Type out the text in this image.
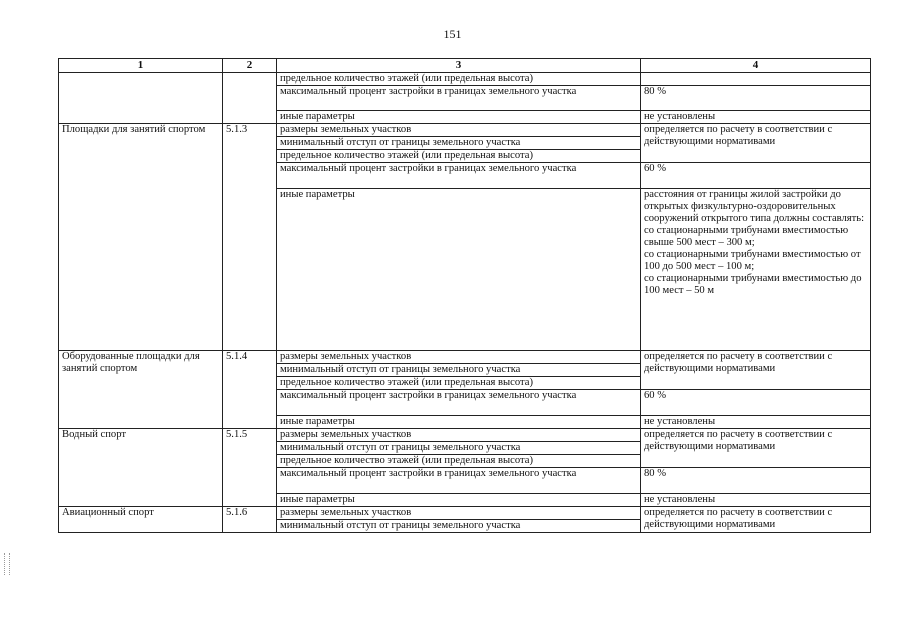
151
1	2	3	4
		предельное количество этажей (или предельная высота)	
		максимальный процент застройки в границах земельного участка	80 %
		иные параметры	не установлены
Площадки для занятий спортом	5.1.3	размеры земельных участков	определяется по расчету в соответствии с действующими нормативами
		минимальный отступ от границы земельного участка	
		предельное количество этажей (или предельная высота)	
		максимальный процент застройки в границах земельного участка	60 %
		иные параметры	расстояния от границы жилой застройки до открытых физкультурно-оздоровительных сооружений открытого типа должны составлять:
со стационарными трибунами вместимостью свыше 500 мест – 300 м;
со стационарными трибунами вместимостью от 100 до 500 мест – 100 м;
со стационарными трибунами вместимостью до 100 мест – 50 м
Оборудованные площадки для занятий спортом	5.1.4	размеры земельных участков	определяется по расчету в соответствии с действующими нормативами
		минимальный отступ от границы земельного участка	
		предельное количество этажей (или предельная высота)	
		максимальный процент застройки в границах земельного участка	60 %
		иные параметры	не установлены
Водный спорт	5.1.5	размеры земельных участков	определяется по расчету в соответствии с действующими нормативами
		минимальный отступ от границы земельного участка	
		предельное количество этажей (или предельная высота)	
		максимальный процент застройки в границах земельного участка	80 %
		иные параметры	не установлены
Авиационный спорт	5.1.6	размеры земельных участков	определяется по расчету в соответствии с действующими нормативами
		минимальный отступ от границы земельного участка	
